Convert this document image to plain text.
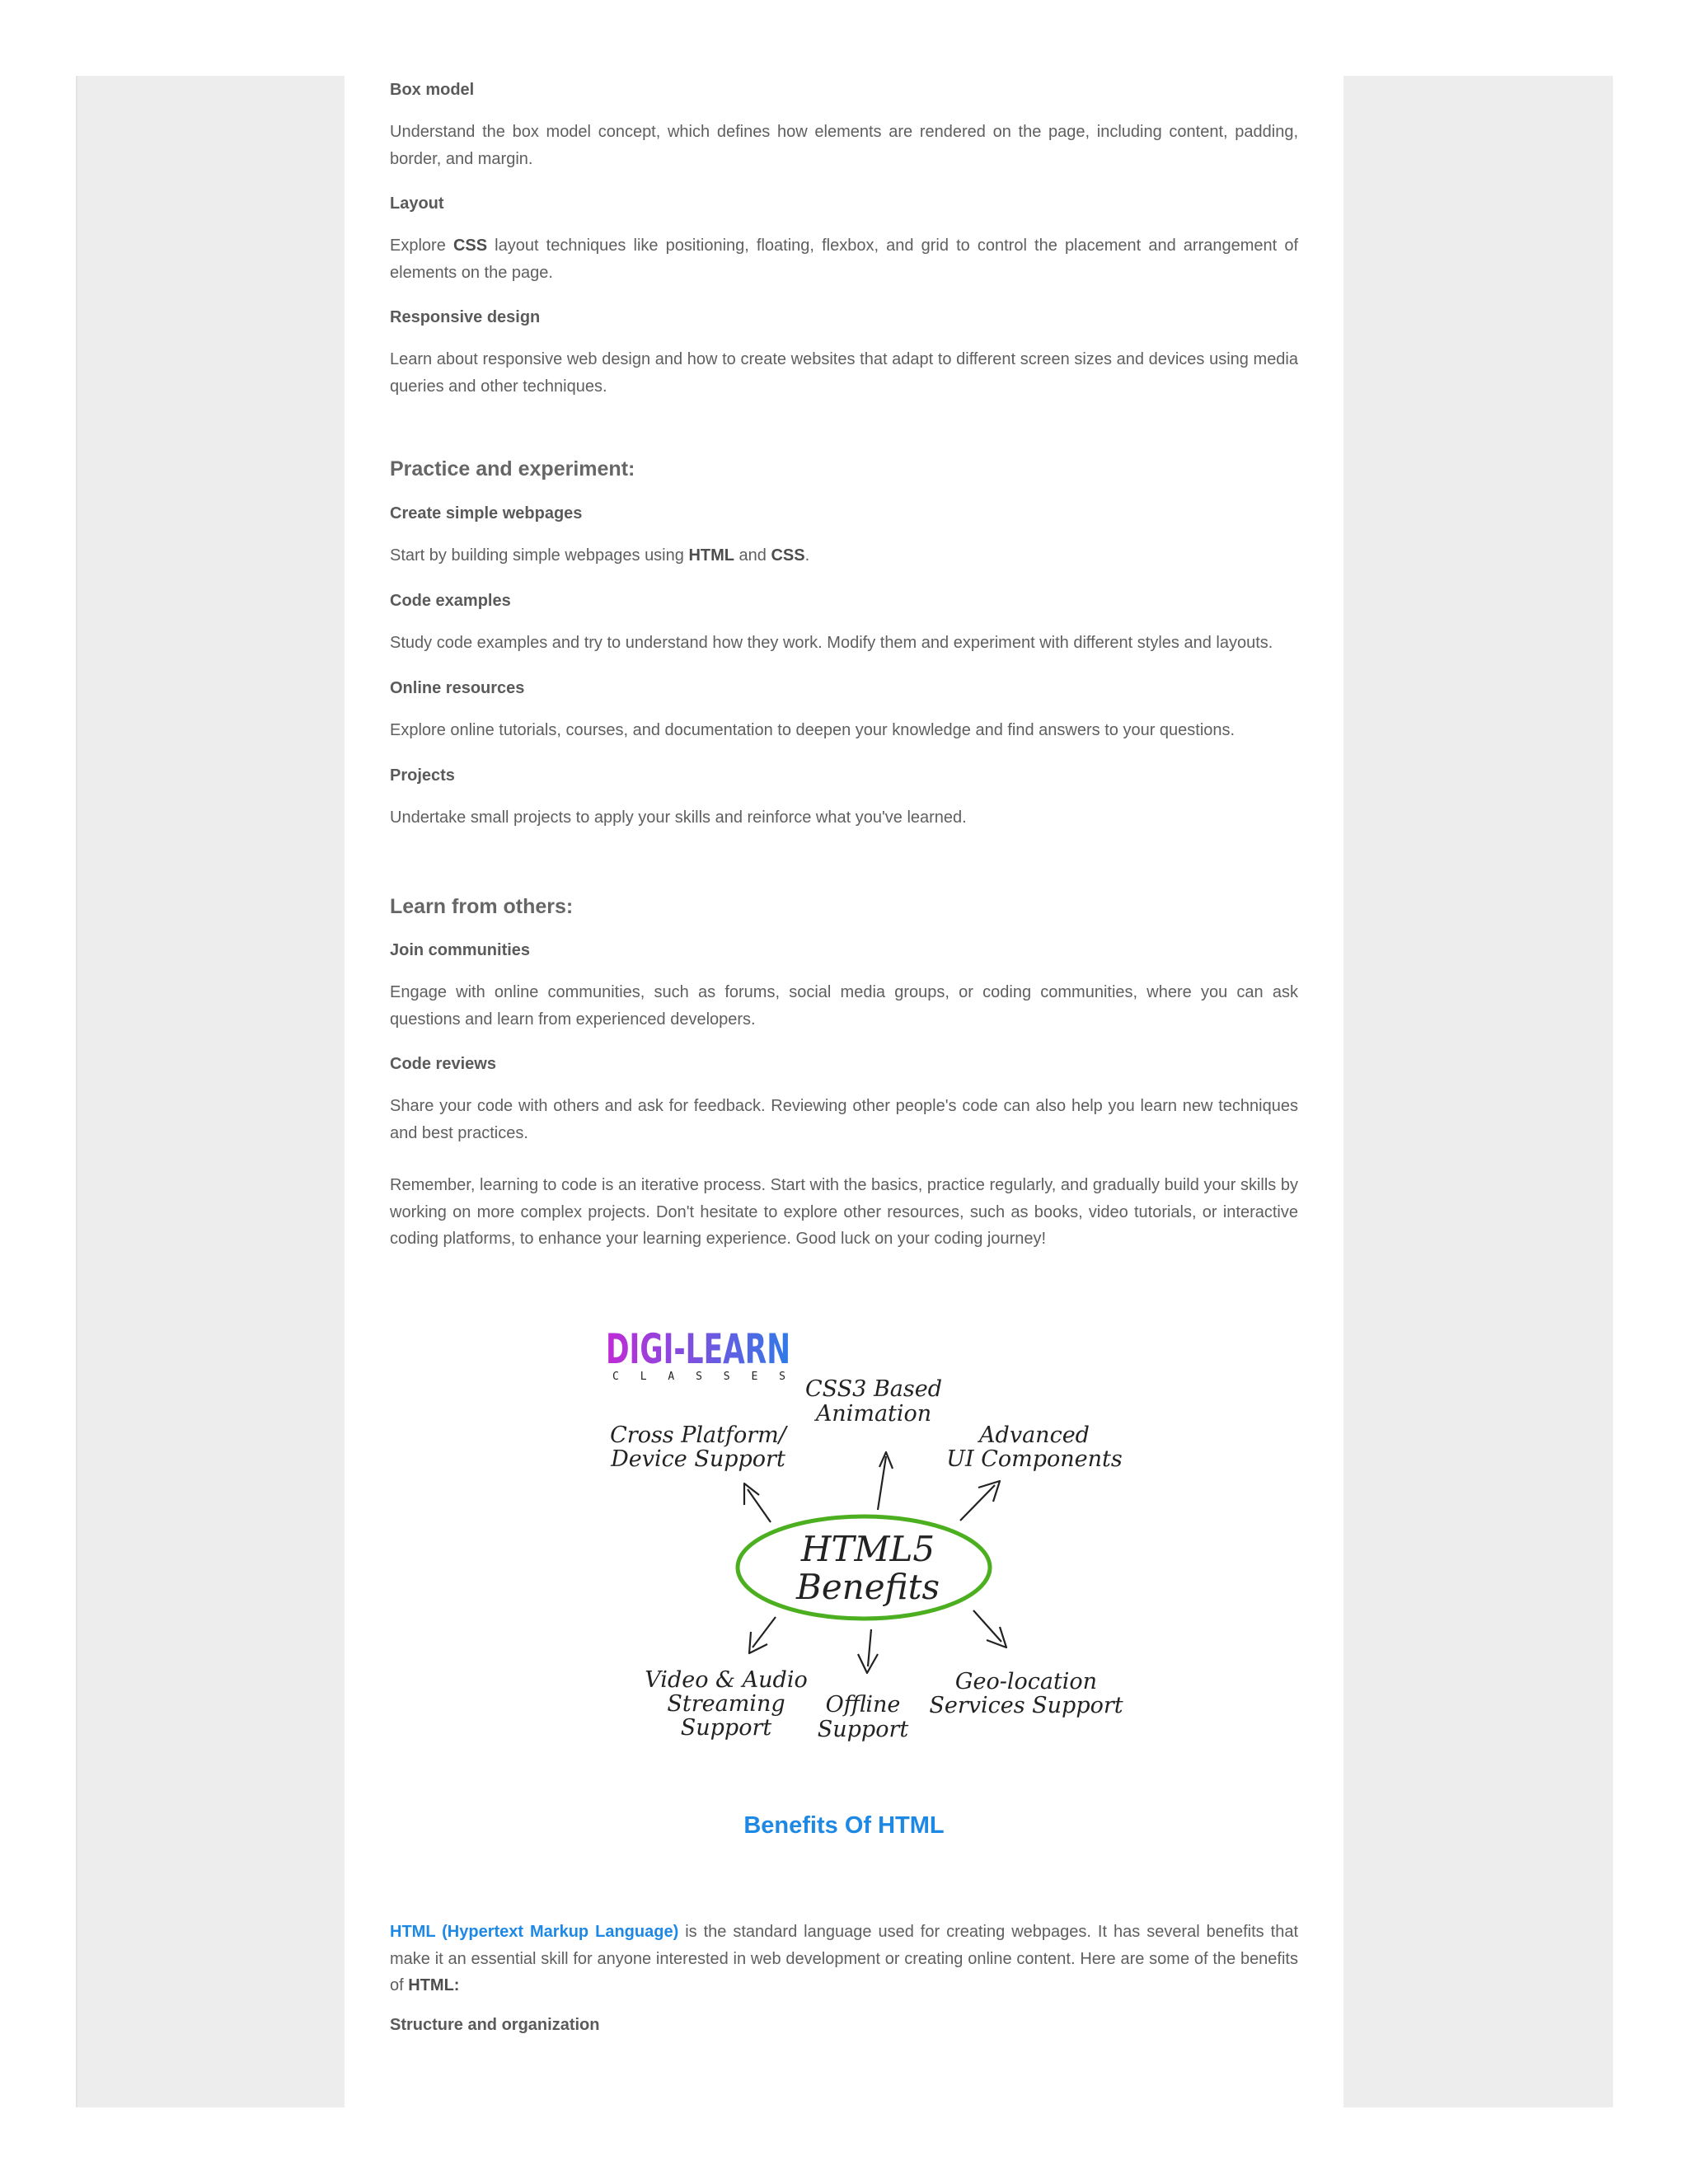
Box model

Understand the box model concept, which defines how elements are rendered on the page, including content, padding, border, and margin.

Layout

Explore CSS layout techniques like positioning, floating, flexbox, and grid to control the placement and arrangement of elements on the page.

Responsive design

Learn about responsive web design and how to create websites that adapt to different screen sizes and devices using media queries and other techniques.

Practice and experiment:
Create simple webpages

Start by building simple webpages using HTML and CSS.

Code examples

Study code examples and try to understand how they work. Modify them and experiment with different styles and layouts.

Online resources

Explore online tutorials, courses, and documentation to deepen your knowledge and find answers to your questions.

Projects

Undertake small projects to apply your skills and reinforce what you've learned.

Learn from others:
Join communities

Engage with online communities, such as forums, social media groups, or coding communities, where you can ask questions and learn from experienced developers.

Code reviews

Share your code with others and ask for feedback. Reviewing other people's code can also help you learn new techniques and best practices.

Remember, learning to code is an iterative process. Start with the basics, practice regularly, and gradually build your skills by working on more complex projects. Don't hesitate to explore other resources, such as books, video tutorials, or interactive coding platforms, to enhance your learning experience. Good luck on your coding journey!

DIGI-LEARN
C L A S S E S
HTML5
Benefits
CSS3 Based
Animation
Cross Platform/
Device Support
Advanced
UI Components
Video & Audio
Streaming
Support
Offline
Support
Geo-location
Services Support
Benefits Of HTML

HTML (Hypertext Markup Language) is the standard language used for creating webpages. It has several benefits that make it an essential skill for anyone interested in web development or creating online content. Here are some of the benefits of HTML:

Structure and organization
